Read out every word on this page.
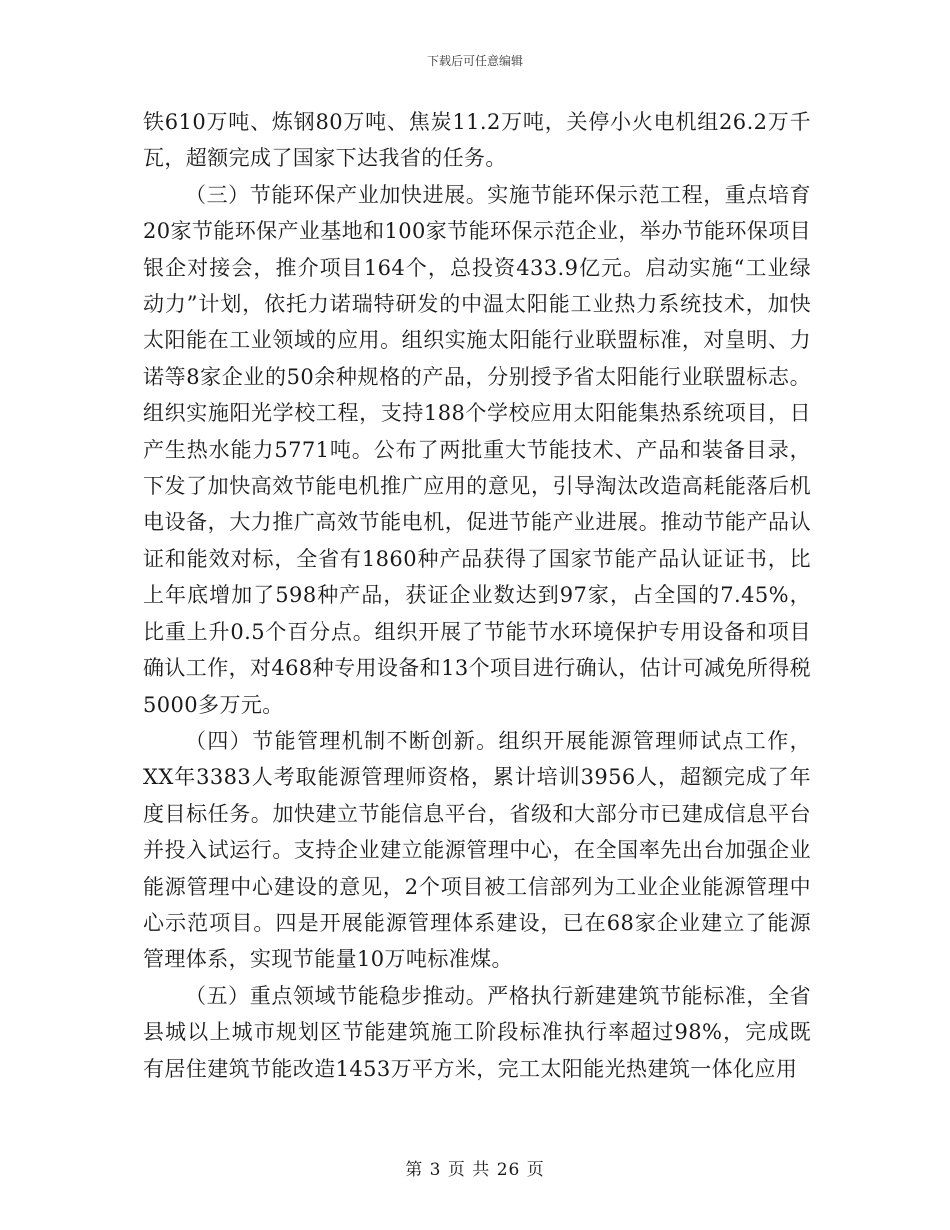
下载后可任意编辑

铁610万吨、炼钢80万吨、焦炭11.2万吨，关停小火电机组26.2万千瓦，超额完成了国家下达我省的任务。

（三）节能环保产业加快进展。实施节能环保示范工程，重点培育20家节能环保产业基地和100家节能环保示范企业，举办节能环保项目银企对接会，推介项目164个，总投资433.9亿元。启动实施“工业绿动力”计划，依托力诺瑞特研发的中温太阳能工业热力系统技术，加快太阳能在工业领域的应用。组织实施太阳能行业联盟标准，对皇明、力诺等8家企业的50余种规格的产品，分别授予省太阳能行业联盟标志。组织实施阳光学校工程，支持188个学校应用太阳能集热系统项目，日产生热水能力5771吨。公布了两批重大节能技术、产品和装备目录，下发了加快高效节能电机推广应用的意见，引导淘汰改造高耗能落后机电设备，大力推广高效节能电机，促进节能产业进展。推动节能产品认证和能效对标，全省有1860种产品获得了国家节能产品认证证书，比上年底增加了598种产品，获证企业数达到97家，占全国的7.45%，比重上升0.5个百分点。组织开展了节能节水环境保护专用设备和项目确认工作，对468种专用设备和13个项目进行确认，估计可减免所得税5000多万元。

（四）节能管理机制不断创新。组织开展能源管理师试点工作，XX年3383人考取能源管理师资格，累计培训3956人，超额完成了年度目标任务。加快建立节能信息平台，省级和大部分市已建成信息平台并投入试运行。支持企业建立能源管理中心，在全国率先出台加强企业能源管理中心建设的意见，2个项目被工信部列为工业企业能源管理中心示范项目。四是开展能源管理体系建设，已在68家企业建立了能源管理体系，实现节能量10万吨标准煤。

（五）重点领域节能稳步推动。严格执行新建建筑节能标准，全省县城以上城市规划区节能建筑施工阶段标准执行率超过98%，完成既有居住建筑节能改造1453万平方米，完工太阳能光热建筑一体化应用

第 3 页 共 26 页
